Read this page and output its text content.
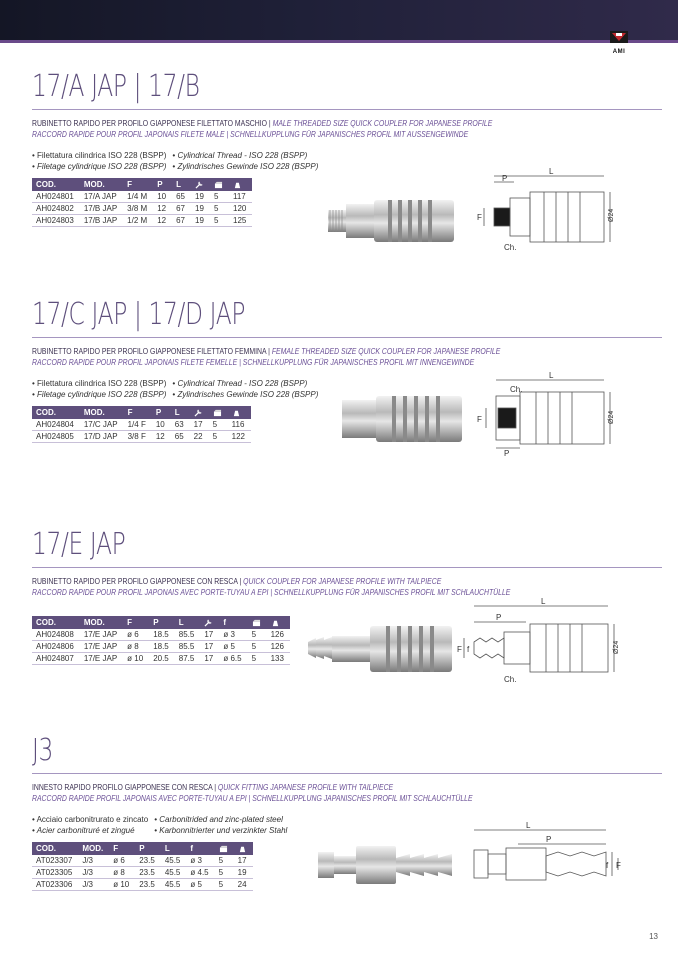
AMI
17/A JAP | 17/B
RUBINETTO RAPIDO PER PROFILO GIAPPONESE FILETTATO MASCHIO | MALE THREADED SIZE QUICK COUPLER FOR JAPANESE PROFILE
RACCORD RAPIDE POUR PROFIL JAPONAIS FILETE MALE | SCHNELLKUPPLUNG FÜR JAPANISCHES PROFIL MIT AUSSENGEWINDE
• Filettatura cilindrica ISO 228 (BSPP)
• Filetage cylindrique ISO 228 (BSPP)
• Cylindrical Thread - ISO 228 (BSPP)
• Zylindrisches Gewinde ISO 228 (BSPP)
COD.	MOD.	F	P	L			
AH024801	17/A JAP	1/4 M	10	65	19	5	117
AH024802	17/B JAP	3/8 M	12	67	19	5	120
AH024803	17/B JAP	1/2 M	12	67	19	5	125
L
P
F
Ch.
Ø24
17/C JAP | 17/D JAP
RUBINETTO RAPIDO PER PROFILO GIAPPONESE FILETTATO FEMMINA | FEMALE THREADED SIZE QUICK COUPLER FOR JAPANESE PROFILE
RACCORD RAPIDE POUR PROFIL JAPONAIS FILETE FEMELLE | SCHNELLKUPPLUNG FÜR JAPANISCHES PROFIL MIT INNENGEWINDE
• Filettatura cilindrica ISO 228 (BSPP)
• Filetage cylindrique ISO 228 (BSPP)
• Cylindrical Thread - ISO 228 (BSPP)
• Zylindrisches Gewinde ISO 228 (BSPP)
COD.	MOD.	F	P	L			
AH024804	17/C JAP	1/4 F	10	63	17	5	116
AH024805	17/D JAP	3/8 F	12	65	22	5	122
L
Ch.
F
P
Ø24
17/E JAP
RUBINETTO RAPIDO PER PROFILO GIAPPONESE CON RESCA | QUICK COUPLER FOR JAPANESE PROFILE WITH TAILPIECE
RACCORD RAPIDE POUR PROFIL JAPONAIS AVEC PORTE-TUYAU A EPI | SCHNELLKUPPLUNG FÜR JAPANISCHES PROFIL MIT SCHLAUCHTÜLLE
COD.	MOD.	F	P	L		f		
AH024808	17/E JAP	ø 6	18.5	85.5	17	ø 3	5	126
AH024806	17/E JAP	ø 8	18.5	85.5	17	ø 5	5	126
AH024807	17/E JAP	ø 10	20.5	87.5	17	ø 6.5	5	133
L
P
F f
Ch.
Ø24
J3
INNESTO RAPIDO PROFILO GIAPPONESE CON RESCA | QUICK FITTING JAPANESE PROFILE WITH TAILPIECE
RACCORD RAPIDE PROFIL JAPONAIS AVEC PORTE-TUYAU A EPI | SCHNELLKUPPLUNG JAPANISCHES PROFIL MIT SCHLAUCHTÜLLE
• Acciaio carbonitrurato e zincato
• Acier carbonitruré et zingué
• Carbonitrided and zinc-plated steel
• Karbonnitrierter und verzinkter Stahl
COD.	MOD.	F	P	L	f		
AT023307	J/3	ø 6	23.5	45.5	ø 3	5	17
AT023305	J/3	ø 8	23.5	45.5	ø 4.5	5	19
AT023306	J/3	ø 10	23.5	45.5	ø 5	5	24
L
P
f F
13
